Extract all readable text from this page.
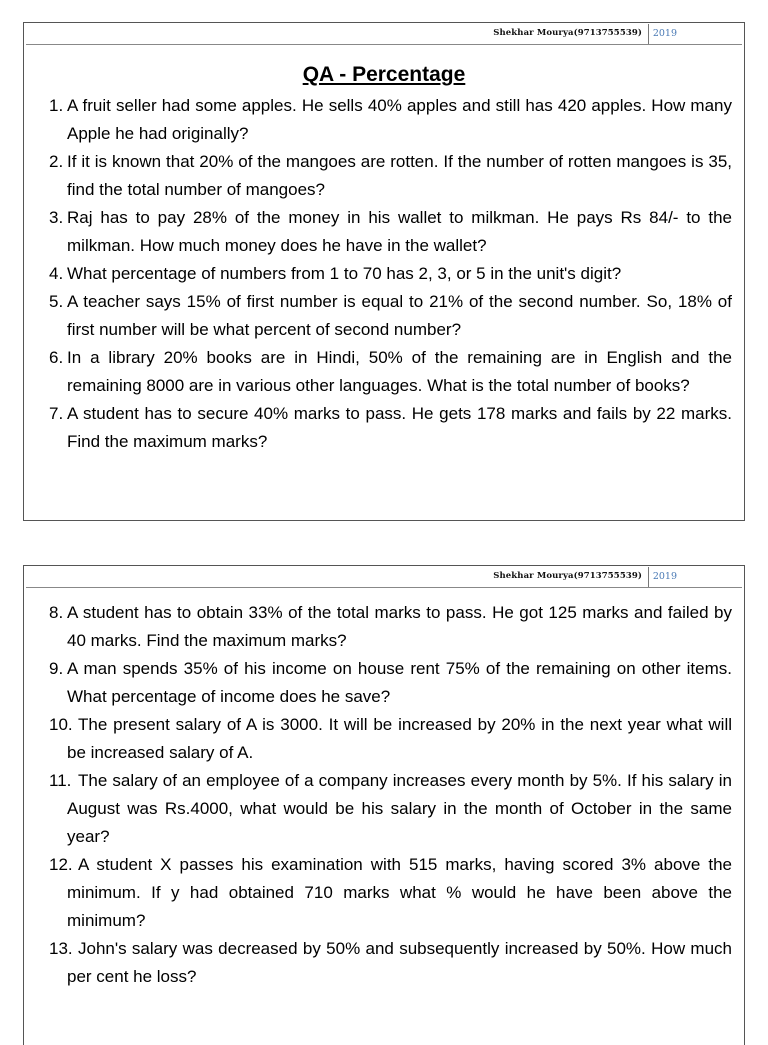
Shekhar Mourya(9713755539)	2019
QA - Percentage
1. A fruit seller had some apples. He sells 40% apples and still has 420 apples. How many Apple he had originally?
2. If it is known that 20% of the mangoes are rotten. If the number of rotten mangoes is 35, find the total number of mangoes?
3. Raj has to pay 28% of the money in his wallet to milkman. He pays Rs 84/- to the milkman. How much money does he have in the wallet?
4. What percentage of numbers from 1 to 70 has 2, 3, or 5 in the unit's digit?
5. A teacher says 15% of first number is equal to 21% of the second number. So, 18% of first number will be what percent of second number?
6. In a library 20% books are in Hindi, 50% of the remaining are in English and the remaining 8000 are in various other languages. What is the total number of books?
7. A student has to secure 40% marks to pass. He gets 178 marks and fails by 22 marks. Find the maximum marks?
Shekhar Mourya(9713755539)	2019
8. A student has to obtain 33% of the total marks to pass. He got 125 marks and failed by 40 marks. Find the maximum marks?
9. A man spends 35% of his income on house rent 75% of the remaining on other items. What percentage of income does he save?
10. The present salary of A is 3000. It will be increased by 20% in the next year what will be increased salary of A.
11. The salary of an employee of a company increases every month by 5%. If his salary in August was Rs.4000, what would be his salary in the month of October in the same year?
12. A student X passes his examination with 515 marks, having scored 3% above the minimum. If y had obtained 710 marks what % would he have been above the minimum?
13. John's salary was decreased by 50% and subsequently increased by 50%. How much per cent he loss?
